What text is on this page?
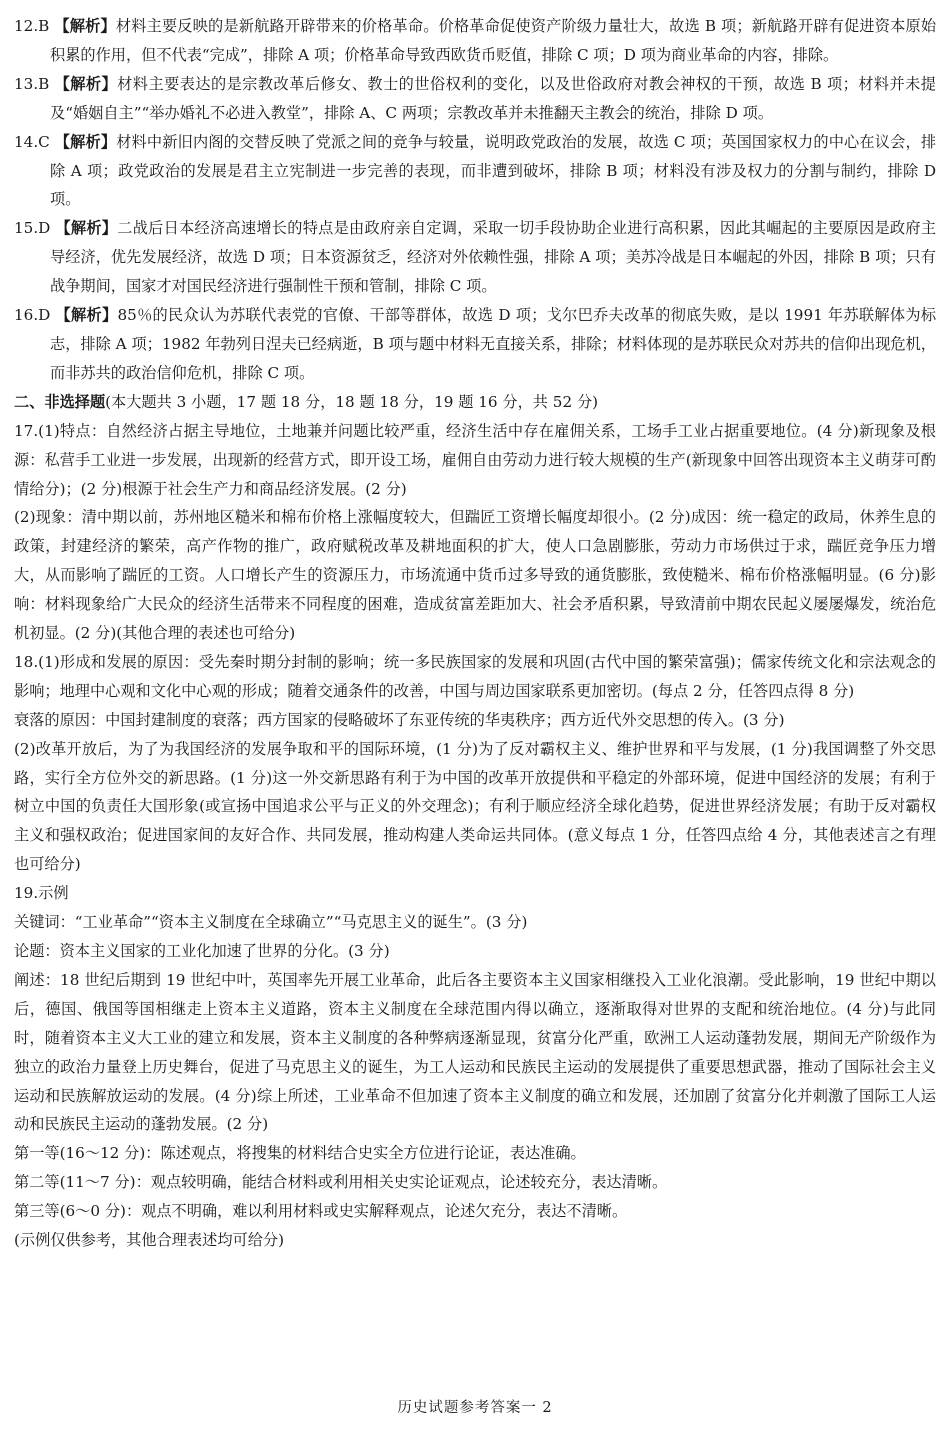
12.B 【解析】材料主要反映的是新航路开辟带来的价格革命。价格革命促使资产阶级力量壮大，故选 B 项；新航路开辟有促进资本原始积累的作用，但不代表“完成”，排除 A 项；价格革命导致西欧货币贬值，排除 C 项；D 项为商业革命的内容，排除。

13.B 【解析】材料主要表达的是宗教改革后修女、教士的世俗权利的变化，以及世俗政府对教会神权的干预，故选 B 项；材料并未提及“婚姻自主”“举办婚礼不必进入教堂”，排除 A、C 两项；宗教改革并未推翻天主教会的统治，排除 D 项。

14.C 【解析】材料中新旧内阁的交替反映了党派之间的竞争与较量，说明政党政治的发展，故选 C 项；英国国家权力的中心在议会，排除 A 项；政党政治的发展是君主立宪制进一步完善的表现，而非遭到破坏，排除 B 项；材料没有涉及权力的分割与制约，排除 D 项。

15.D 【解析】二战后日本经济高速增长的特点是由政府亲自定调，采取一切手段协助企业进行高积累，因此其崛起的主要原因是政府主导经济，优先发展经济，故选 D 项；日本资源贫乏，经济对外依赖性强，排除 A 项；美苏冷战是日本崛起的外因，排除 B 项；只有战争期间，国家才对国民经济进行强制性干预和管制，排除 C 项。

16.D 【解析】85％的民众认为苏联代表党的官僚、干部等群体，故选 D 项；戈尔巴乔夫改革的彻底失败，是以 1991 年苏联解体为标志，排除 A 项；1982 年勃列日涅夫已经病逝，B 项与题中材料无直接关系，排除；材料体现的是苏联民众对苏共的信仰出现危机，而非苏共的政治信仰危机，排除 C 项。

二、非选择题(本大题共 3 小题，17 题 18 分，18 题 18 分，19 题 16 分，共 52 分)

17.(1)特点：自然经济占据主导地位，土地兼并问题比较严重，经济生活中存在雇佣关系，工场手工业占据重要地位。(4 分)新现象及根源：私营手工业进一步发展，出现新的经营方式，即开设工场，雇佣自由劳动力进行较大规模的生产(新现象中回答出现资本主义萌芽可酌情给分)；(2 分)根源于社会生产力和商品经济发展。(2 分)

(2)现象：清中期以前，苏州地区糙米和棉布价格上涨幅度较大，但踹匠工资增长幅度却很小。(2 分)成因：统一稳定的政局，休养生息的政策，封建经济的繁荣，高产作物的推广，政府赋税改革及耕地面积的扩大，使人口急剧膨胀，劳动力市场供过于求，踹匠竞争压力增大，从而影响了踹匠的工资。人口增长产生的资源压力，市场流通中货币过多导致的通货膨胀，致使糙米、棉布价格涨幅明显。(6 分)影响：材料现象给广大民众的经济生活带来不同程度的困难，造成贫富差距加大、社会矛盾积累，导致清前中期农民起义屡屡爆发，统治危机初显。(2 分)(其他合理的表述也可给分)

18.(1)形成和发展的原因：受先秦时期分封制的影响；统一多民族国家的发展和巩固(古代中国的繁荣富强)；儒家传统文化和宗法观念的影响；地理中心观和文化中心观的形成；随着交通条件的改善，中国与周边国家联系更加密切。(每点 2 分，任答四点得 8 分)

衰落的原因：中国封建制度的衰落；西方国家的侵略破坏了东亚传统的华夷秩序；西方近代外交思想的传入。(3 分)

(2)改革开放后，为了为我国经济的发展争取和平的国际环境，(1 分)为了反对霸权主义、维护世界和平与发展，(1 分)我国调整了外交思路，实行全方位外交的新思路。(1 分)这一外交新思路有利于为中国的改革开放提供和平稳定的外部环境，促进中国经济的发展；有利于树立中国的负责任大国形象(或宣扬中国追求公平与正义的外交理念)；有利于顺应经济全球化趋势，促进世界经济发展；有助于反对霸权主义和强权政治；促进国家间的友好合作、共同发展，推动构建人类命运共同体。(意义每点 1 分，任答四点给 4 分，其他表述言之有理也可给分)

19.示例

关键词：“工业革命”“资本主义制度在全球确立”“马克思主义的诞生”。(3 分)

论题：资本主义国家的工业化加速了世界的分化。(3 分)

阐述：18 世纪后期到 19 世纪中叶，英国率先开展工业革命，此后各主要资本主义国家相继投入工业化浪潮。受此影响，19 世纪中期以后，德国、俄国等国相继走上资本主义道路，资本主义制度在全球范围内得以确立，逐渐取得对世界的支配和统治地位。(4 分)与此同时，随着资本主义大工业的建立和发展，资本主义制度的各种弊病逐渐显现，贫富分化严重，欧洲工人运动蓬勃发展，期间无产阶级作为独立的政治力量登上历史舞台，促进了马克思主义的诞生，为工人运动和民族民主运动的发展提供了重要思想武器，推动了国际社会主义运动和民族解放运动的发展。(4 分)综上所述，工业革命不但加速了资本主义制度的确立和发展，还加剧了贫富分化并刺激了国际工人运动和民族民主运动的蓬勃发展。(2 分)

第一等(16～12 分)：陈述观点，将搜集的材料结合史实全方位进行论证，表达准确。

第二等(11～7 分)：观点较明确，能结合材料或利用相关史实论证观点，论述较充分，表达清晰。

第三等(6～0 分)：观点不明确，难以利用材料或史实解释观点，论述欠充分，表达不清晰。

(示例仅供参考，其他合理表述均可给分)

历史试题参考答案一 2
